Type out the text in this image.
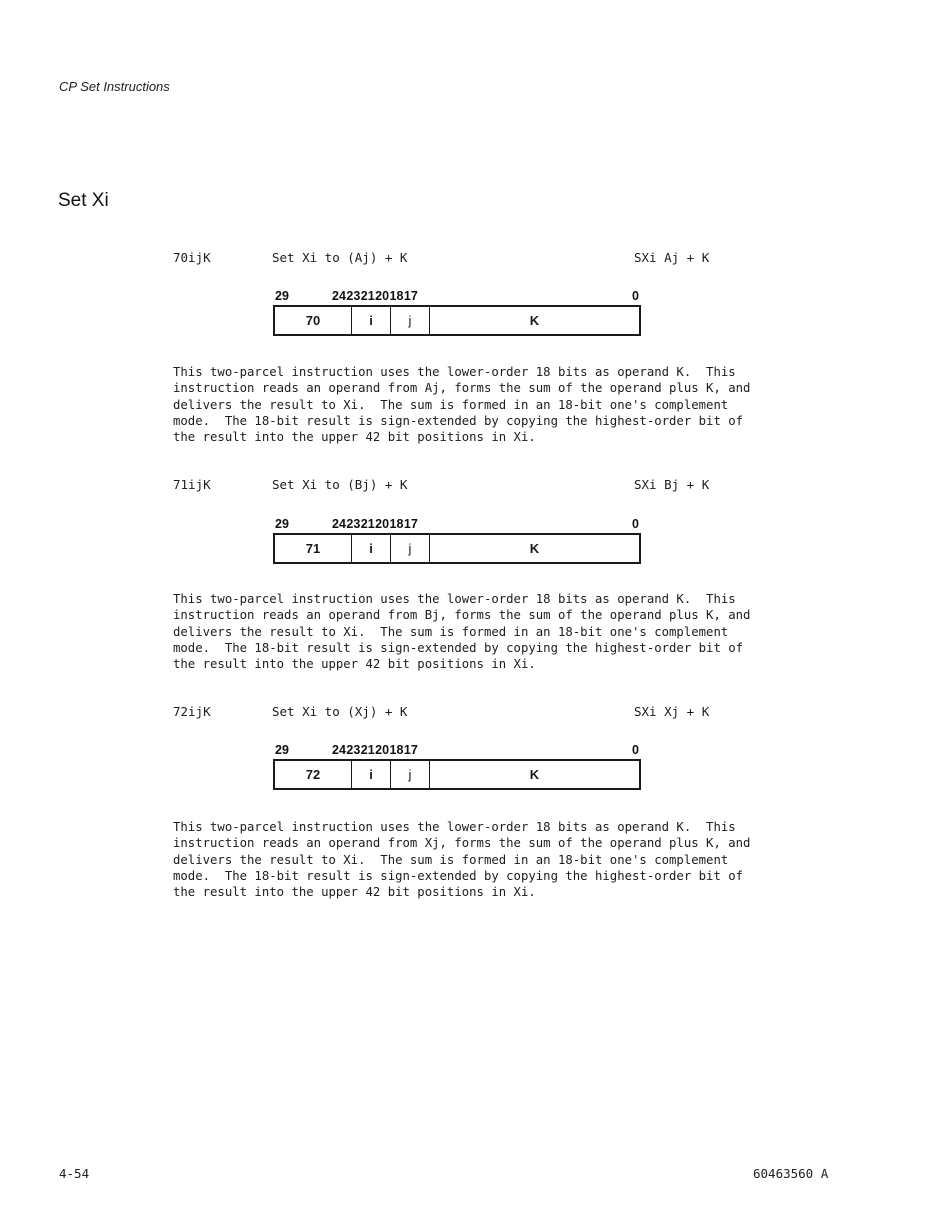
CP Set Instructions
Set Xi
70ijK	Set Xi to (Aj) + K	SXi Aj + K
29	24 23 21 20 18 17	0
70	i	j	K

This two-parcel instruction uses the lower-order 18 bits as operand K.  This
instruction reads an operand from Aj, forms the sum of the operand plus K, and
delivers the result to Xi.  The sum is formed in an 18-bit one's complement
mode.  The 18-bit result is sign-extended by copying the highest-order bit of
the result into the upper 42 bit positions in Xi.

71ijK	Set Xi to (Bj) + K	SXi Bj + K
29	24 23 21 20 18 17	0
71	i	j	K

This two-parcel instruction uses the lower-order 18 bits as operand K.  This
instruction reads an operand from Bj, forms the sum of the operand plus K, and
delivers the result to Xi.  The sum is formed in an 18-bit one's complement
mode.  The 18-bit result is sign-extended by copying the highest-order bit of
the result into the upper 42 bit positions in Xi.

72ijK	Set Xi to (Xj) + K	SXi Xj + K
29	24 23 21 20 18 17	0
72	i	j	K

This two-parcel instruction uses the lower-order 18 bits as operand K.  This
instruction reads an operand from Xj, forms the sum of the operand plus K, and
delivers the result to Xi.  The sum is formed in an 18-bit one's complement
mode.  The 18-bit result is sign-extended by copying the highest-order bit of
the result into the upper 42 bit positions in Xi.

4-54	60463560 A
